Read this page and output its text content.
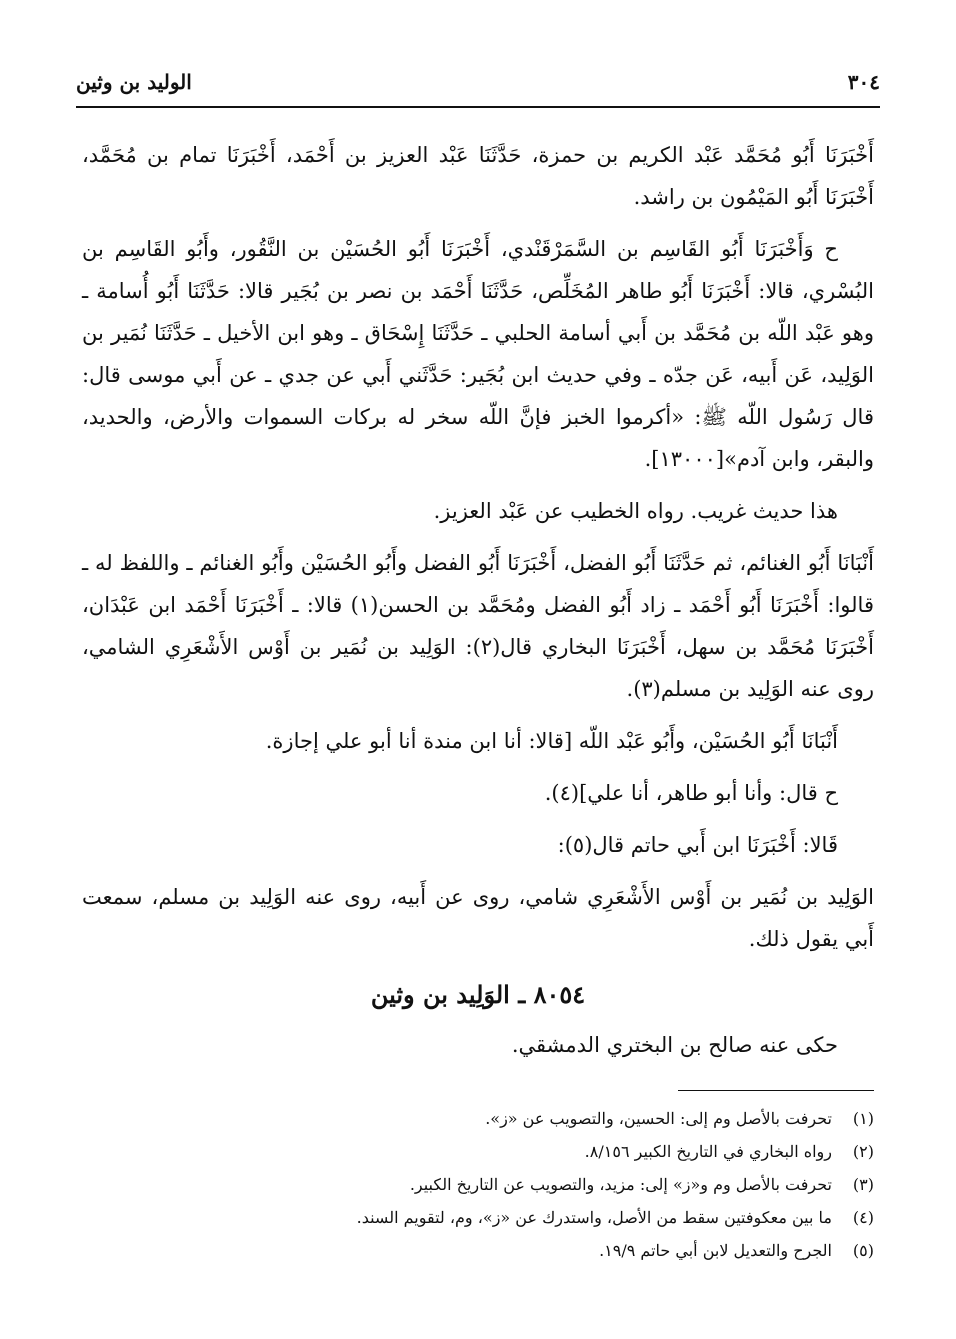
٣٠٤
الوليد بن وثين

أَخْبَرَنَا أَبُو مُحَمَّد عَبْد الكريم بن حمزة، حَدَّثَنَا عَبْد العزيز بن أَحْمَد، أَخْبَرَنَا تمام بن مُحَمَّد، أَخْبَرَنَا أَبُو المَيْمُون بن راشد.

ح وَأَخْبَرَنَا أَبُو القَاسِم بن السَّمَرْقَنْدي، أَخْبَرَنَا أَبُو الحُسَيْن بن النَّقُور، وأَبُو القَاسِم بن البُسْري، قالا: أَخْبَرَنَا أَبُو طاهر المُخَلِّص، حَدَّثَنَا أَحْمَد بن نصر بن بُجَير قالا: حَدَّثَنَا أَبُو أُسامة ـ وهو عَبْد اللّه بن مُحَمَّد بن أَبي أسامة الحلبي ـ حَدَّثَنَا إِسْحَاق ـ وهو ابن الأخيل ـ حَدَّثَنَا نُمَير بن الوَلِيد، عَن أَبيه، عَن جدّه ـ وفي حديث ابن بُجَير: حَدَّثَني أَبي عن جدي ـ عن أَبي موسى قال: قال رَسُول اللّه ﷺ: «أكرموا الخبز فإنَّ اللّه سخر له بركات السموات والأرض، والحديد، والبقر، وابن آدم»[١٣٠٠٠].

هذا حديث غريب. رواه الخطيب عن عَبْد العزيز.

أَنْبَانَا أَبُو الغنائم، ثم حَدَّثَنَا أَبُو الفضل، أَخْبَرَنَا أَبُو الفضل وأَبُو الحُسَيْن وأَبُو الغنائم ـ واللفظ له ـ قالوا: أَخْبَرَنَا أَبُو أَحْمَد ـ زاد أَبُو الفضل ومُحَمَّد بن الحسن(١) قالا: ـ أَخْبَرَنَا أَحْمَد ابن عَبْدَان، أَخْبَرَنَا مُحَمَّد بن سهل، أَخْبَرَنَا البخاري قال(٢): الوَلِيد بن نُمَير بن أَوْس الأَشْعَرِي الشامي، روى عنه الوَلِيد بن مسلم(٣).

أَنْبَانَا أَبُو الحُسَيْن، وأَبُو عَبْد اللّه [قالا: أنا ابن مندة أنا أبو علي إجازة.

ح قال: وأنا أبو طاهر، أنا علي](٤).

قَالا: أَخْبَرَنَا ابن أَبي حاتم قال(٥):

الوَلِيد بن نُمَير بن أَوْس الأَشْعَرِي شامي، روى عن أَبيه، روى عنه الوَلِيد بن مسلم، سمعت أَبي يقول ذلك.

٨٠٥٤ ـ الوَلِيد بن وثين

حكى عنه صالح بن البختري الدمشقي.

(١)
تحرفت بالأصل وم إلى: الحسين، والتصويب عن «ز».
(٢)
رواه البخاري في التاريخ الكبير ٨/١٥٦.
(٣)
تحرفت بالأصل وم و«ز» إلى: مزيد، والتصويب عن التاريخ الكبير.
(٤)
ما بين معكوفتين سقط من الأصل، واستدرك عن «ز»، وم، لتقويم السند.
(٥)
الجرح والتعديل لابن أبي حاتم ١٩/٩.
